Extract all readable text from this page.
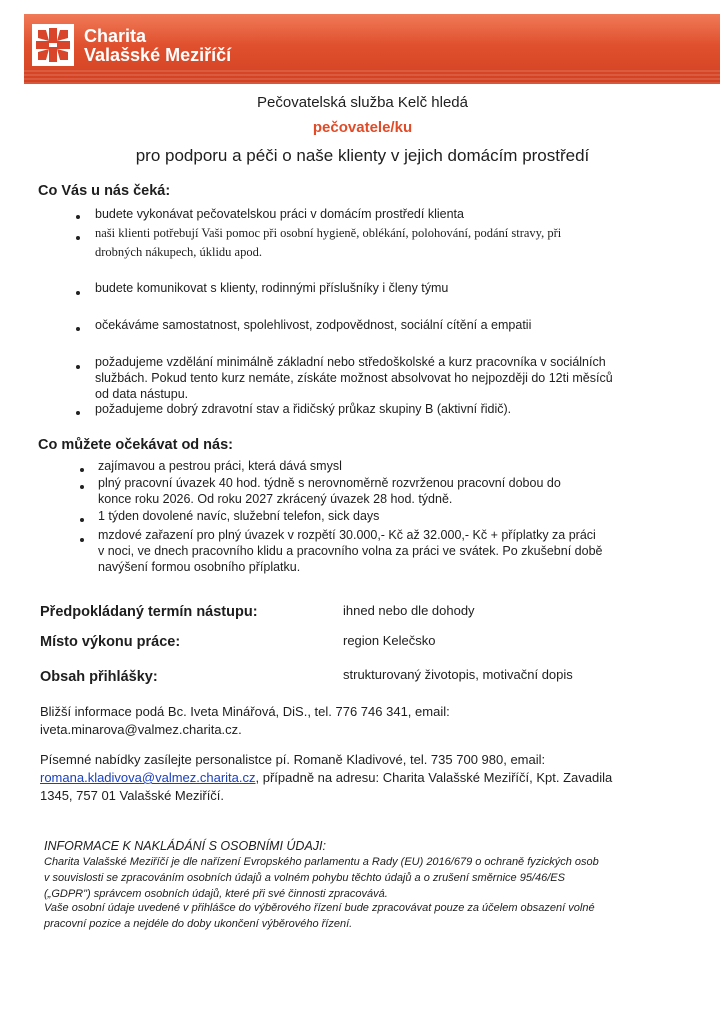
Charita
Valašské Meziříčí
Pečovatelská služba Kelč hledá
pečovatele/ku
pro podporu a péči o naše klienty v jejich domácím prostředí
Co Vás u nás čeká:
budete vykonávat pečovatelskou práci v domácím prostředí klienta
naši klienti potřebují Vaši pomoc při osobní hygieně, oblékání, polohování, podání stravy, při
drobných nákupech, úklidu apod.
budete komunikovat s klienty, rodinnými příslušníky i členy týmu
očekáváme samostatnost, spolehlivost, zodpovědnost, sociální cítění a empatii
požadujeme vzdělání minimálně základní nebo středoškolské a kurz pracovníka v sociálních
službách. Pokud tento kurz nemáte, získáte možnost absolvovat ho nejpozději do 12ti měsíců
od data nástupu.
požadujeme dobrý zdravotní stav a řidičský průkaz skupiny B (aktivní řidič).
Co můžete očekávat od nás:
zajímavou a pestrou práci, která dává smysl
plný pracovní úvazek 40 hod. týdně s nerovnoměrně rozvrženou pracovní dobou do
konce roku 2026. Od roku 2027 zkrácený úvazek 28 hod. týdně.
1 týden dovolené navíc, služební telefon, sick days
mzdové zařazení pro plný úvazek v rozpětí 30.000,- Kč až 32.000,- Kč + příplatky za práci
v noci, ve dnech pracovního klidu a pracovního volna za práci ve svátek. Po zkušební době
navýšení formou osobního příplatku.
Předpokládaný termín nástupu:	ihned nebo dle dohody
Místo výkonu práce:	region Kelečsko
Obsah přihlášky:	strukturovaný životopis, motivační dopis
Bližší informace podá Bc. Iveta Minářová, DiS., tel. 776 746 341, email:
iveta.minarova@valmez.charita.cz.
Písemné nabídky zasílejte personalistce pí. Romaně Kladivové, tel. 735 700 980, email:
romana.kladivova@valmez.charita.cz, případně na adresu: Charita Valašské Meziříčí, Kpt. Zavadila
1345, 757 01 Valašské Meziříčí.
INFORMACE K NAKLÁDÁNÍ S OSOBNÍMI ÚDAJI:
Charita Valašské Meziříčí je dle nařízení Evropského parlamentu a Rady (EU) 2016/679 o ochraně fyzických osob
v souvislosti se zpracováním osobních údajů a volném pohybu těchto údajů a o zrušení směrnice 95/46/ES
(„GDPR") správcem osobních údajů, které při své činnosti zpracovává.
Vaše osobní údaje uvedené v přihlášce do výběrového řízení bude zpracovávat pouze za účelem obsazení volné
pracovní pozice a nejdéle do doby ukončení výběrového řízení.
